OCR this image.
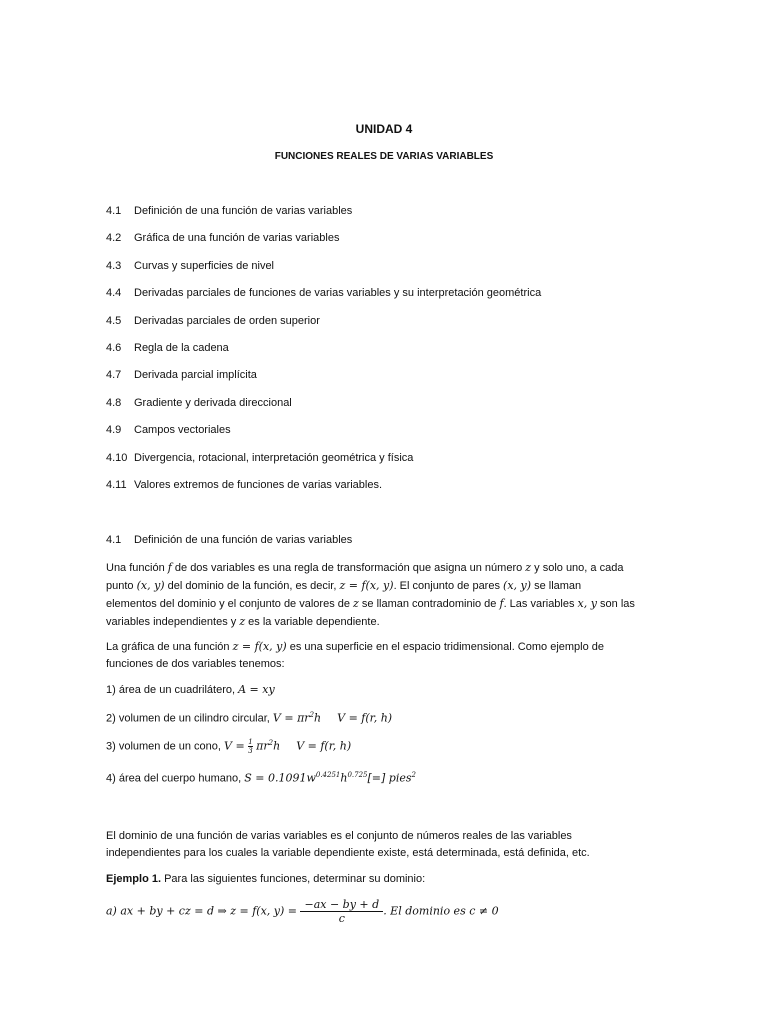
UNIDAD 4
FUNCIONES REALES DE VARIAS VARIABLES
4.1 Definición de una función de varias variables
4.2 Gráfica de una función de varias variables
4.3 Curvas y superficies de nivel
4.4 Derivadas parciales de funciones de varias variables y su interpretación geométrica
4.5 Derivadas parciales de orden superior
4.6 Regla de la cadena
4.7 Derivada parcial implícita
4.8 Gradiente y derivada direccional
4.9 Campos vectoriales
4.10 Divergencia, rotacional, interpretación geométrica y física
4.11 Valores extremos de funciones de varias variables.
4.1 Definición de una función de varias variables
Una función f de dos variables es una regla de transformación que asigna un número z y solo uno, a cada
punto (x, y) del dominio de la función, es decir, z = f(x, y). El conjunto de pares (x, y) se llaman
elementos del dominio y el conjunto de valores de z se llaman contradominio de f. Las variables x, y son las
variables independientes y z es la variable dependiente.
La gráfica de una función z = f(x, y) es una superficie en el espacio tridimensional. Como ejemplo de
funciones de dos variables tenemos:
1) área de un cuadrilátero, A = xy
2) volumen de un cilindro circular, $V = \pi r^2h$ V = f(r, h)
3) volumen de un cono, $V = \frac{1}{3} \pi r^2h$ V = f(r, h)
4) área del cuerpo humano, $S = 0.1091w^{0.4251}h^{0.725}[=]$ pies$^2$
El dominio de una función de varias variables es el conjunto de números reales de las variables
independientes para los cuales la variable dependiente existe, está determinada, está definida, etc.
Ejemplo 1. Para las siguientes funciones, determinar su dominio:
a) ax + by + cz = d ⇒ z = f(x, $y) = \frac{-ax - by + d}{c}$ . El dominio es c ≠ 0
